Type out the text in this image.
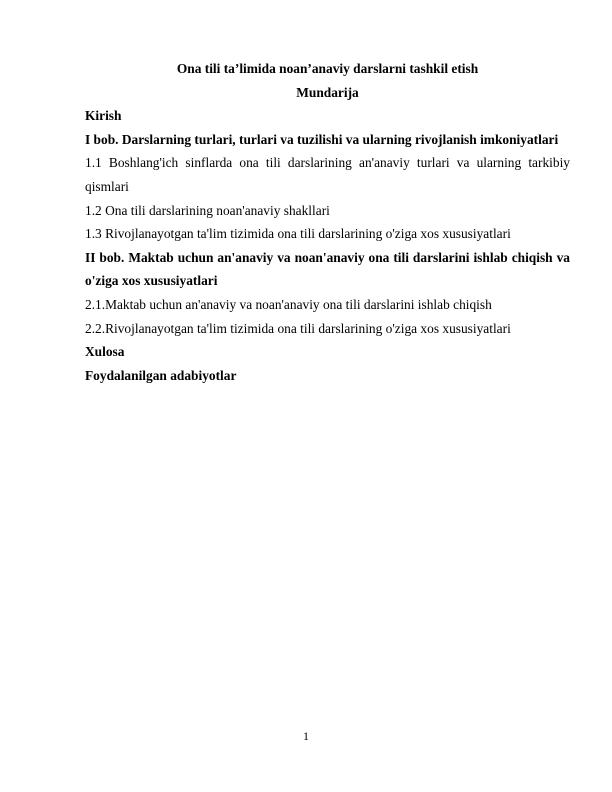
Ona tili ta’limida noan’anaviy darslarni tashkil etish

Mundarija

Kirish

I bob. Darslarning turlari, turlari va tuzilishi va ularning rivojlanish imkoniyatlari

1.1 Boshlang'ich sinflarda ona tili darslarining an'anaviy turlari va ularning tarkibiy qismlari

1.2 Ona tili darslarining noan'anaviy shakllari

1.3 Rivojlanayotgan ta'lim tizimida ona tili darslarining o'ziga xos xususiyatlari

II bob. Maktab uchun an'anaviy va noan'anaviy ona tili darslarini ishlab chiqish va o'ziga xos xususiyatlari

2.1.Maktab uchun an'anaviy va noan'anaviy ona tili darslarini ishlab chiqish

2.2.Rivojlanayotgan ta'lim tizimida ona tili darslarining o'ziga xos xususiyatlari

Xulosa

Foydalanilgan adabiyotlar

1
